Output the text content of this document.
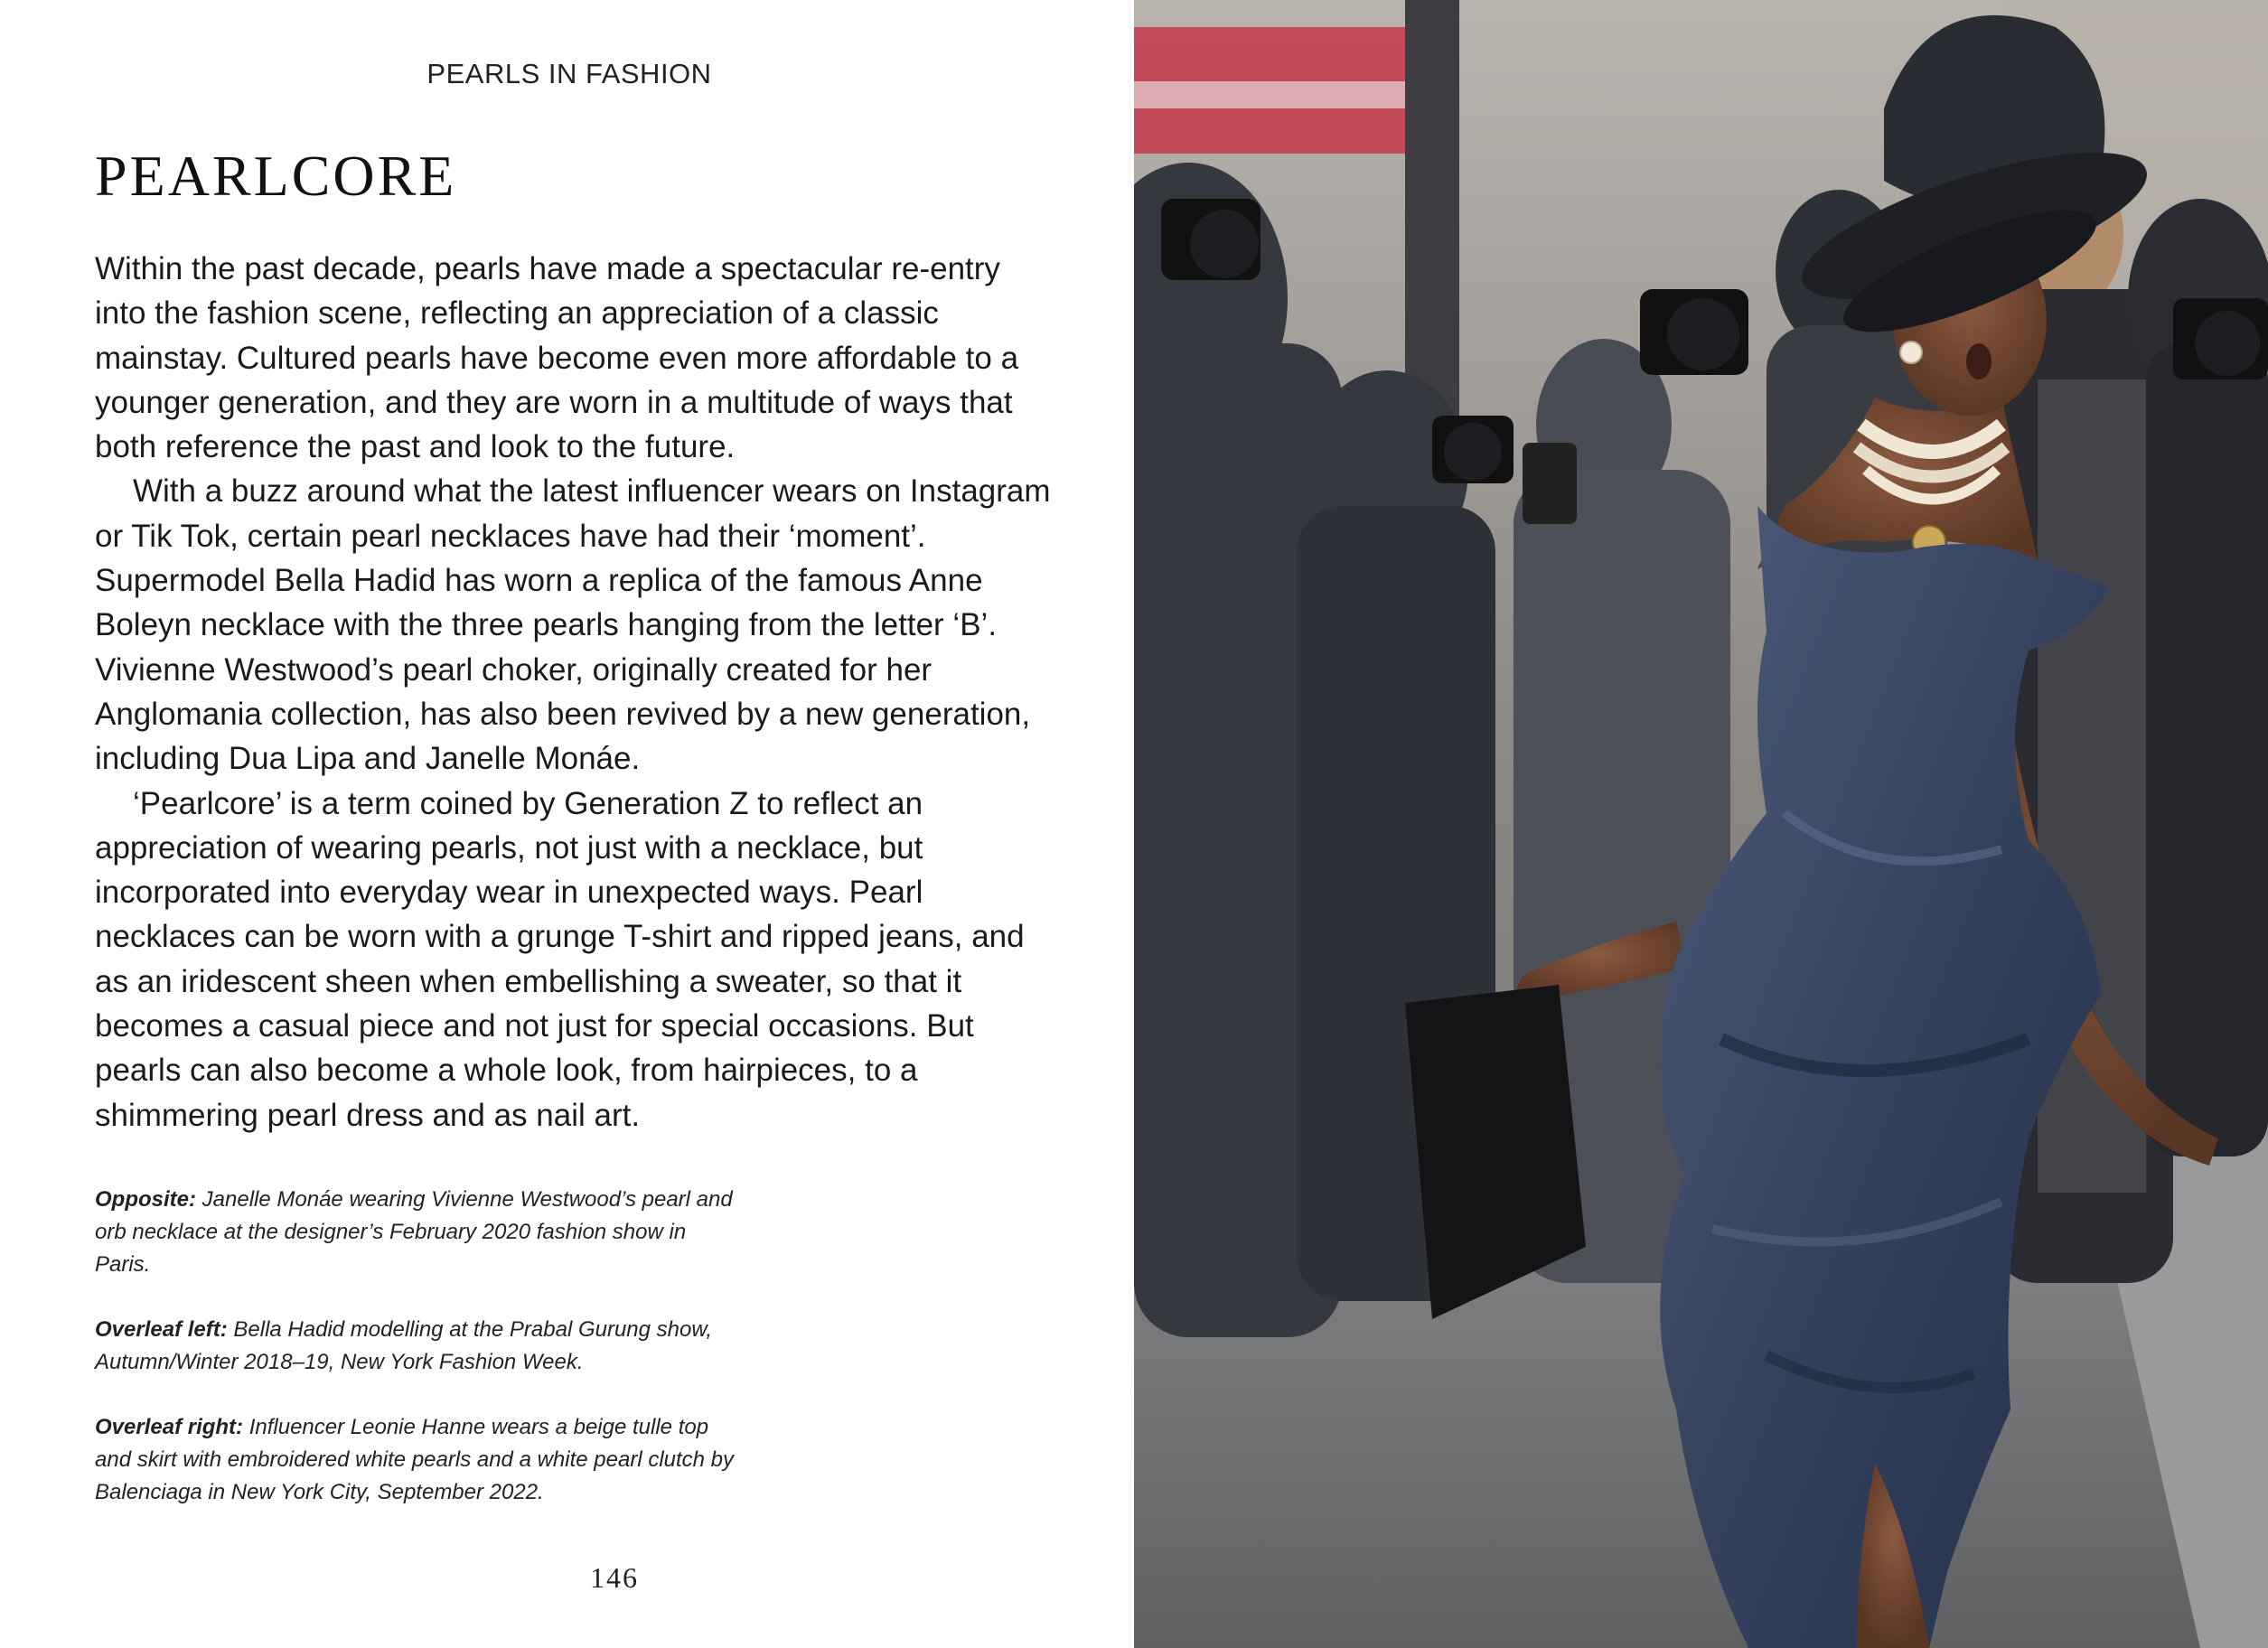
PEARLS IN FASHION
PEARLCORE

Within the past decade, pearls have made a spectacular re-entry into the fashion scene, reflecting an appreciation of a classic mainstay. Cultured pearls have become even more affordable to a younger generation, and they are worn in a multitude of ways that both reference the past and look to the future.

With a buzz around what the latest influencer wears on Instagram or Tik Tok, certain pearl necklaces have had their ‘moment’. Supermodel Bella Hadid has worn a replica of the famous Anne Boleyn necklace with the three pearls hanging from the letter ‘B’. Vivienne Westwood’s pearl choker, originally created for her Anglomania collection, has also been revived by a new generation, including Dua Lipa and Janelle Monáe.

‘Pearlcore’ is a term coined by Generation Z to reflect an appreciation of wearing pearls, not just with a necklace, but incorporated into everyday wear in unexpected ways. Pearl necklaces can be worn with a grunge T-shirt and ripped jeans, and as an iridescent sheen when embellishing a sweater, so that it becomes a casual piece and not just for special occasions. But pearls can also become a whole look, from hairpieces, to a shimmering pearl dress and as nail art.

Opposite: Janelle Monáe wearing Vivienne Westwood’s pearl and orb necklace at the designer’s February 2020 fashion show in Paris.

Overleaf left: Bella Hadid modelling at the Prabal Gurung show, Autumn/Winter 2018–19, New York Fashion Week.

Overleaf right: Influencer Leonie Hanne wears a beige tulle top and skirt with embroidered white pearls and a white pearl clutch by Balenciaga in New York City, September 2022.

146
